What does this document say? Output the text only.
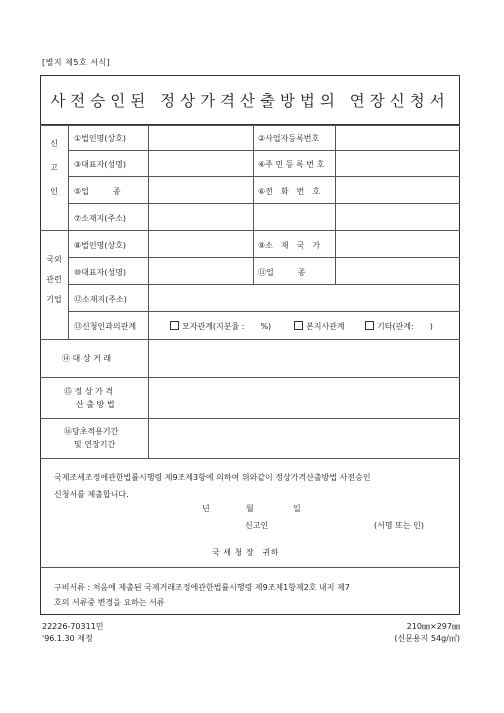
[별지 제5호 서식]
사전승인된 정상가격산출방법의 연장신청서
신
고
인
①법인명(상호)	②사업자등록번호
③대표자(성명)	④주 민 등 록 번 호
⑤업　　　종	⑥전　화　번　호
⑦소재지(주소)
국외
관련
기업
⑧법인명(상호)	⑨소　재　국　가
⑩대표자(성명)	⑪업　　　종
⑫소재지(주소)
⑬신청인과의관계	모자관계(지분율 :　　%)	본지사관계	기타(관계:　　)
⑭ 대 상 거 래
⑮ 정 상 가 격
산 출 방 법
⑯당초적용기간
및 연장기간
국제조세조정에관한법률시행령 제9조제3항에 의하여 위와같이 정상가격산출방법 사전승인
신청서를 제출합니다.
년	월	일
신고인	(서명 또는 인)
국 세 청 장　귀하
구비서류 : 처음에 제출된 국제거래조정에관한법률시행령 제9조제1항제2호 내지 제7
호의 서류중 변경을 요하는 서류
22226-70311민
'96.1.30 제정
210㎜×297㎜
(신문용지 54g/㎡)
